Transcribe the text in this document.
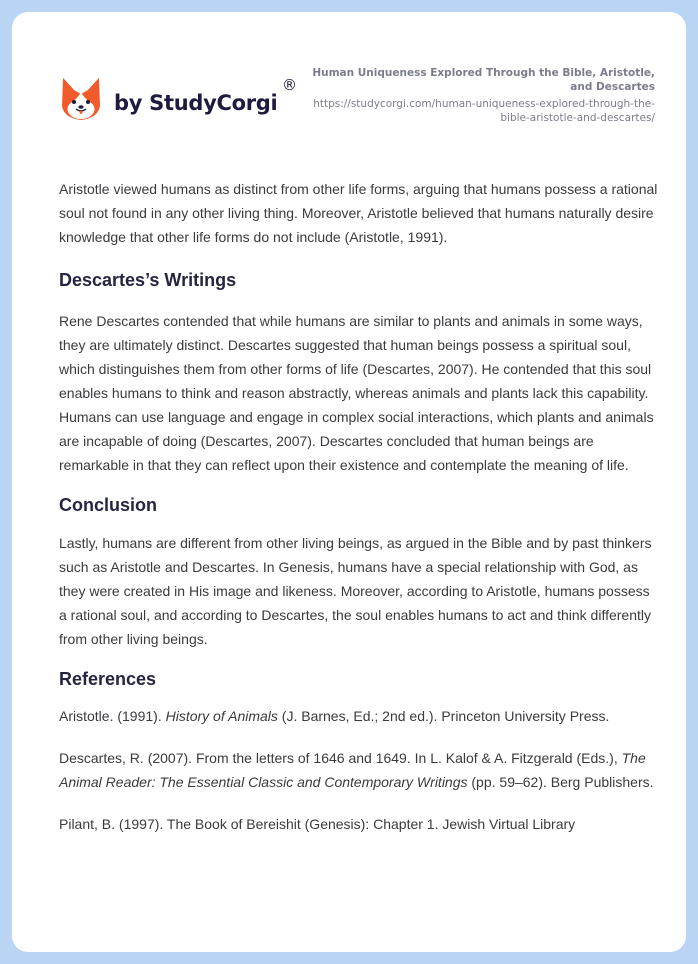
by StudyCorgi
®
Human Uniqueness Explored Through the Bible, Aristotle, and Descartes
https://studycorgi.com/human-uniqueness-explored-through-the-bible-aristotle-and-descartes/

Aristotle viewed humans as distinct from other life forms, arguing that humans possess a rational soul not found in any other living thing. Moreover, Aristotle believed that humans naturally desire knowledge that other life forms do not include (Aristotle, 1991).

Descartes’s Writings

Rene Descartes contended that while humans are similar to plants and animals in some ways, they are ultimately distinct. Descartes suggested that human beings possess a spiritual soul, which distinguishes them from other forms of life (Descartes, 2007). He contended that this soul enables humans to think and reason abstractly, whereas animals and plants lack this capability. Humans can use language and engage in complex social interactions, which plants and animals are incapable of doing (Descartes, 2007). Descartes concluded that human beings are remarkable in that they can reflect upon their existence and contemplate the meaning of life.

Conclusion

Lastly, humans are different from other living beings, as argued in the Bible and by past thinkers such as Aristotle and Descartes. In Genesis, humans have a special relationship with God, as they were created in His image and likeness. Moreover, according to Aristotle, humans possess a rational soul, and according to Descartes, the soul enables humans to act and think differently from other living beings.

References

Aristotle. (1991). History of Animals (J. Barnes, Ed.; 2nd ed.). Princeton University Press.

Descartes, R. (2007). From the letters of 1646 and 1649. In L. Kalof & A. Fitzgerald (Eds.), The Animal Reader: The Essential Classic and Contemporary Writings (pp. 59–62). Berg Publishers.

Pilant, B. (1997). The Book of Bereishit (Genesis): Chapter 1. Jewish Virtual Library
